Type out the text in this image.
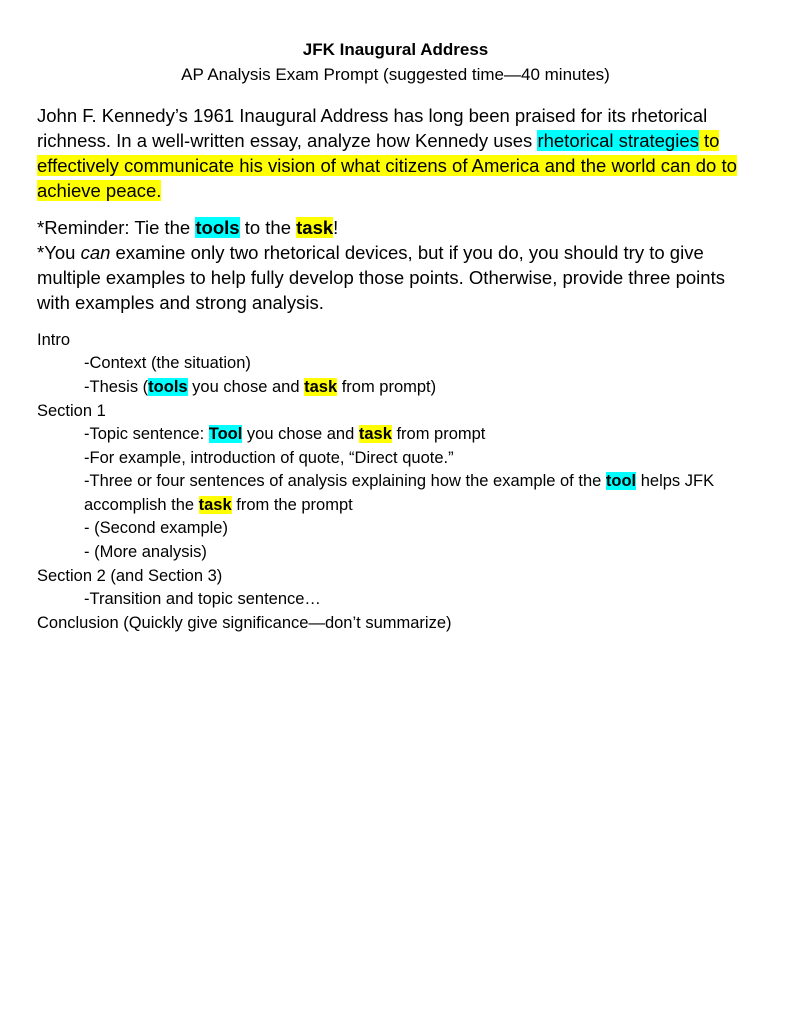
JFK Inaugural Address
AP Analysis Exam Prompt (suggested time—40 minutes)
John F. Kennedy’s 1961 Inaugural Address has long been praised for its rhetorical richness. In a well-written essay, analyze how Kennedy uses rhetorical strategies to effectively communicate his vision of what citizens of America and the world can do to achieve peace.
*Reminder: Tie the tools to the task!
*You can examine only two rhetorical devices, but if you do, you should try to give multiple examples to help fully develop those points. Otherwise, provide three points with examples and strong analysis.
Intro
-Context (the situation)
-Thesis (tools you chose and task from prompt)
Section 1
-Topic sentence: Tool you chose and task from prompt
-For example, introduction of quote, “Direct quote.”
-Three or four sentences of analysis explaining how the example of the tool helps JFK
accomplish the task from the prompt
- (Second example)
- (More analysis)
Section 2 (and Section 3)
-Transition and topic sentence…
Conclusion (Quickly give significance—don’t summarize)
